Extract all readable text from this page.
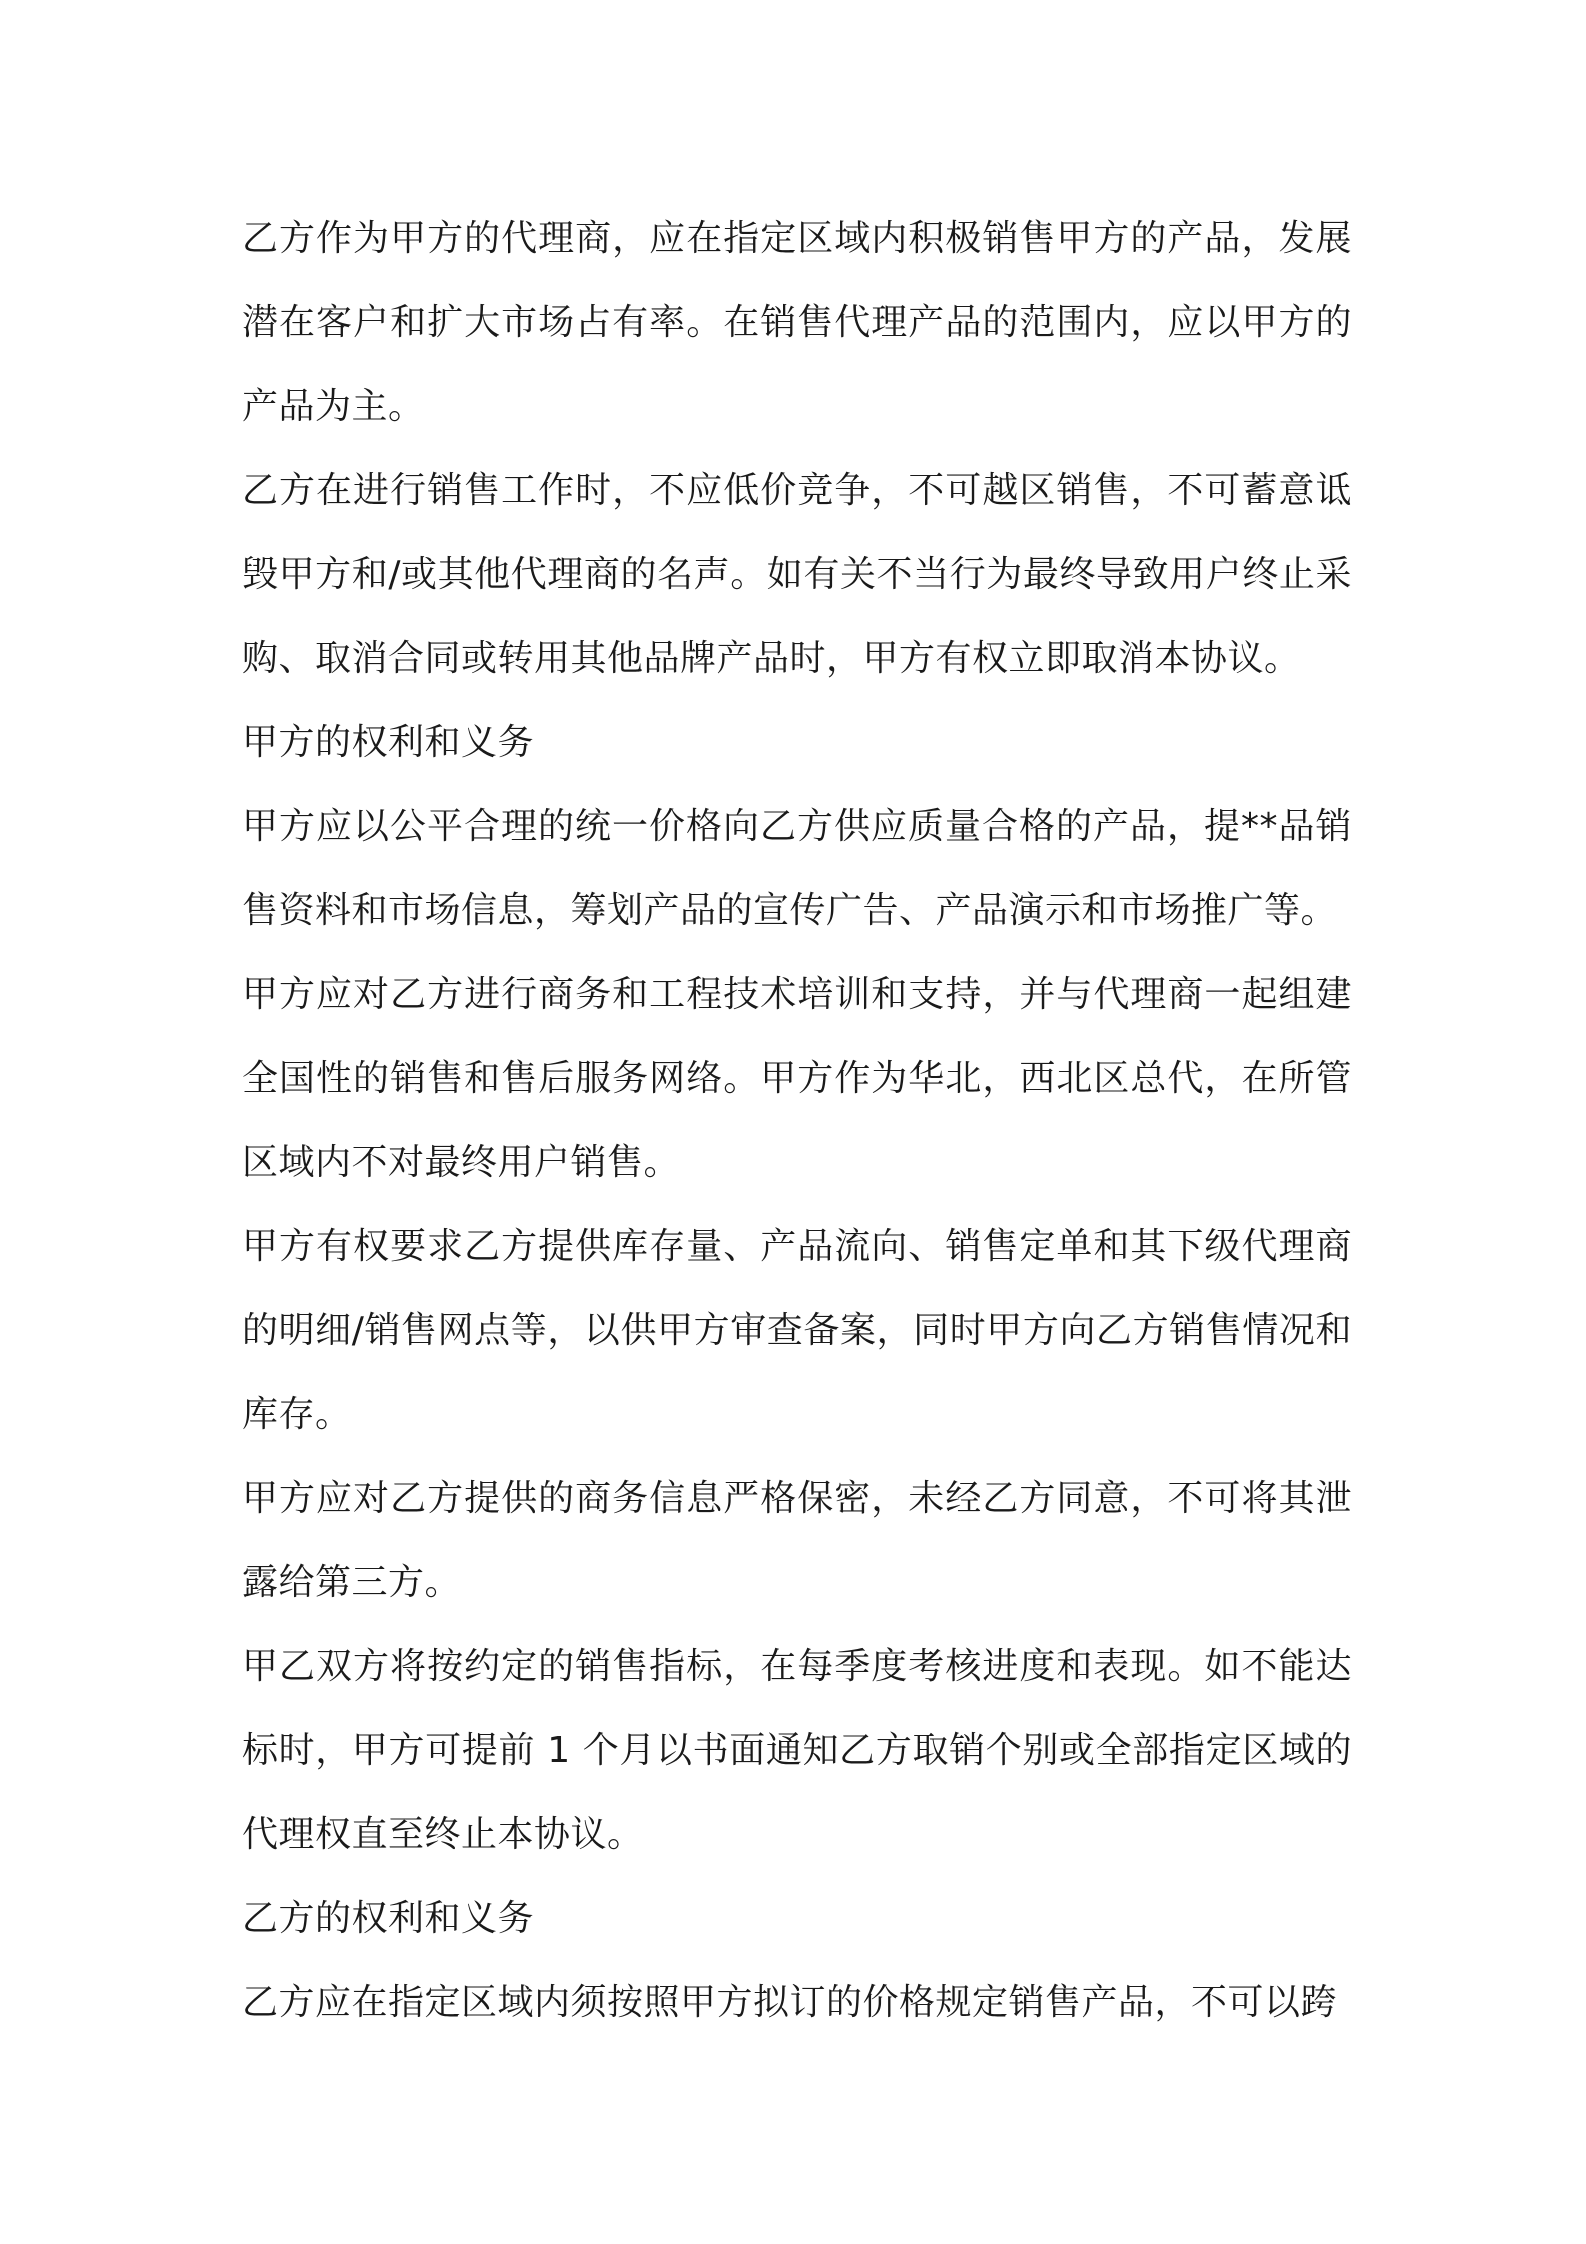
乙方作为甲方的代理商，应在指定区域内积极销售甲方的产品，发展潜在客户和扩大市场占有率。在销售代理产品的范围内，应以甲方的产品为主。

乙方在进行销售工作时，不应低价竞争，不可越区销售，不可蓄意诋毁甲方和/或其他代理商的名声。如有关不当行为最终导致用户终止采购、取消合同或转用其他品牌产品时，甲方有权立即取消本协议。

甲方的权利和义务

甲方应以公平合理的统一价格向乙方供应质量合格的产品，提**品销售资料和市场信息，筹划产品的宣传广告、产品演示和市场推广等。

甲方应对乙方进行商务和工程技术培训和支持，并与代理商一起组建全国性的销售和售后服务网络。甲方作为华北，西北区总代，在所管区域内不对最终用户销售。

甲方有权要求乙方提供库存量、产品流向、销售定单和其下级代理商的明细/销售网点等，以供甲方审查备案，同时甲方向乙方销售情况和库存。

甲方应对乙方提供的商务信息严格保密，未经乙方同意，不可将其泄露给第三方。

甲乙双方将按约定的销售指标，在每季度考核进度和表现。如不能达标时，甲方可提前 1 个月以书面通知乙方取销个别或全部指定区域的代理权直至终止本协议。

乙方的权利和义务

乙方应在指定区域内须按照甲方拟订的价格规定销售产品，不可以跨
